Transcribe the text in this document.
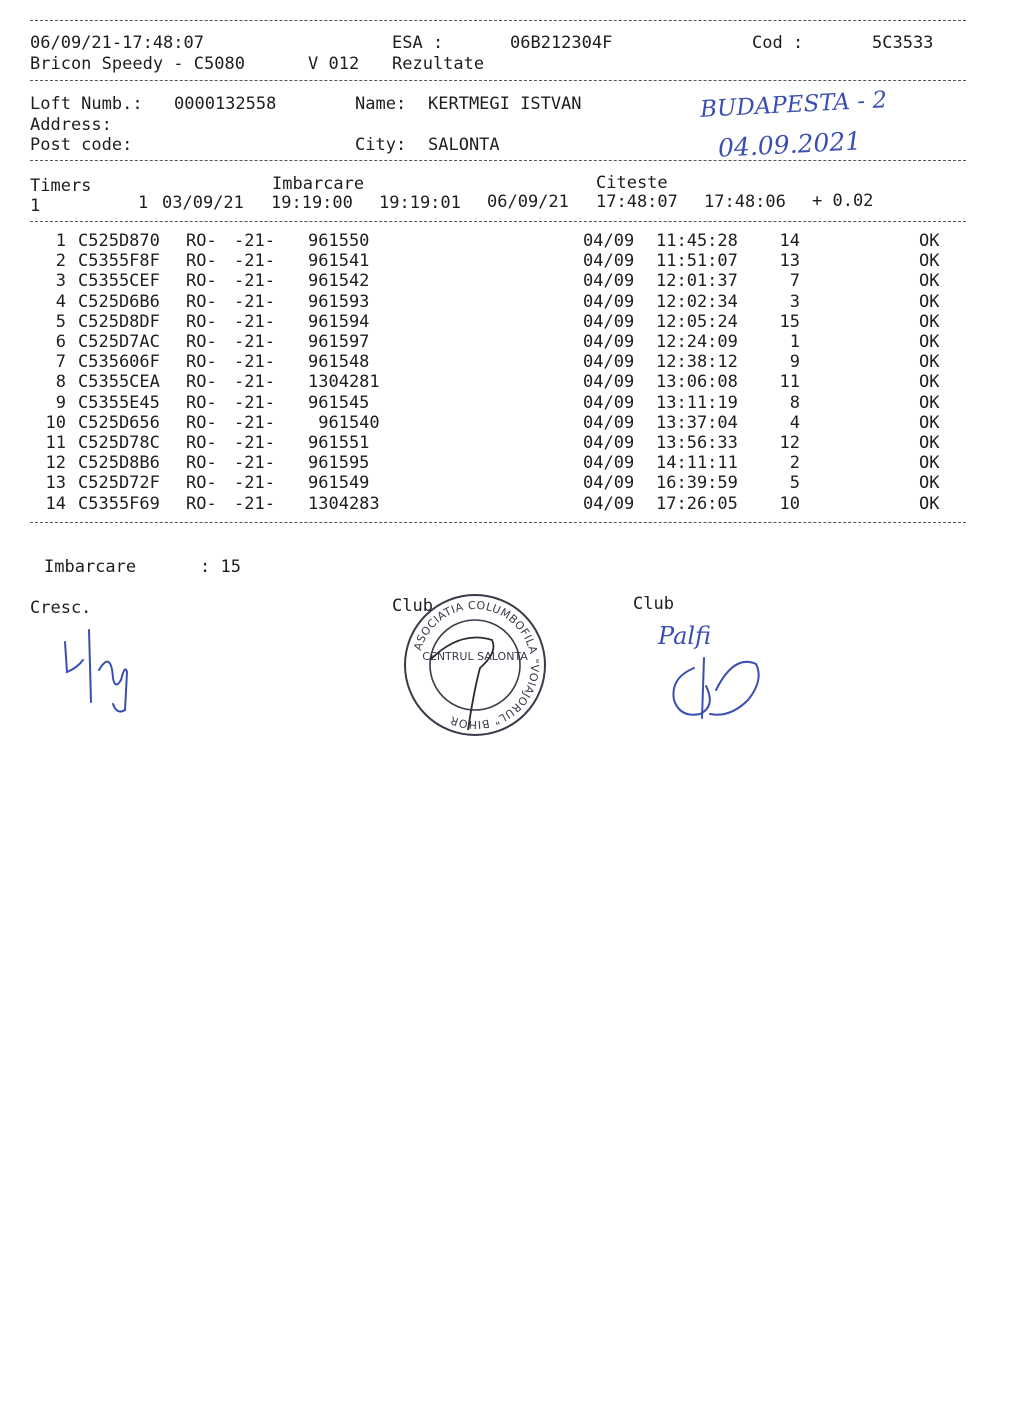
06/09/21-17:48:07	ESA :	06B212304F	Cod :	5C3533
Bricon Speedy - C5080	V 012 Rezultate
Loft Numb.: 0000132558	Name: KERTMEGI ISTVAN
Address:
Post code:	City: SALONTA
BUDAPESTA - 2
04.09.2021
Timers	Imbarcare	Citeste
1	1 03/09/21 19:19:00 19:19:01 06/09/21 17:48:07 17:48:06 + 0.02
1 C525D870 RO- -21- 961550	04/09 11:45:28 14	OK
2 C5355F8F RO- -21- 961541	04/09 11:51:07 13	OK
3 C5355CEF RO- -21- 961542	04/09 12:01:37	7	OK
4 C525D6B6 RO- -21- 961593	04/09 12:02:34	3	OK
5 C525D8DF RO- -21- 961594	04/09 12:05:24 15	OK
6 C525D7AC RO- -21- 961597	04/09 12:24:09	1	OK
7 C535606F RO- -21- 961548	04/09 12:38:12	9	OK
8 C5355CEA RO- -21- 1304281	04/09 13:06:08 11	OK
9 C5355E45 RO- -21- 961545	04/09 13:11:19	8	OK
10 C525D656 RO- -21- 961540	04/09 13:37:04	4	OK
11 C525D78C RO- -21- 961551	04/09 13:56:33 12	OK
12 C525D8B6 RO- -21- 961595	04/09 14:11:11	2	OK
13 C525D72F RO- -21- 961549	04/09 16:39:59	5	OK
14 C5355F69 RO- -21- 1304283	04/09 17:26:05 10	OK
Imbarcare	: 15
Cresc.	Club	Club
ASOCIATIA COLUMBOFILA "VOIAJORUL" BIHOR
CENTRUL SALONTA
Palfi
